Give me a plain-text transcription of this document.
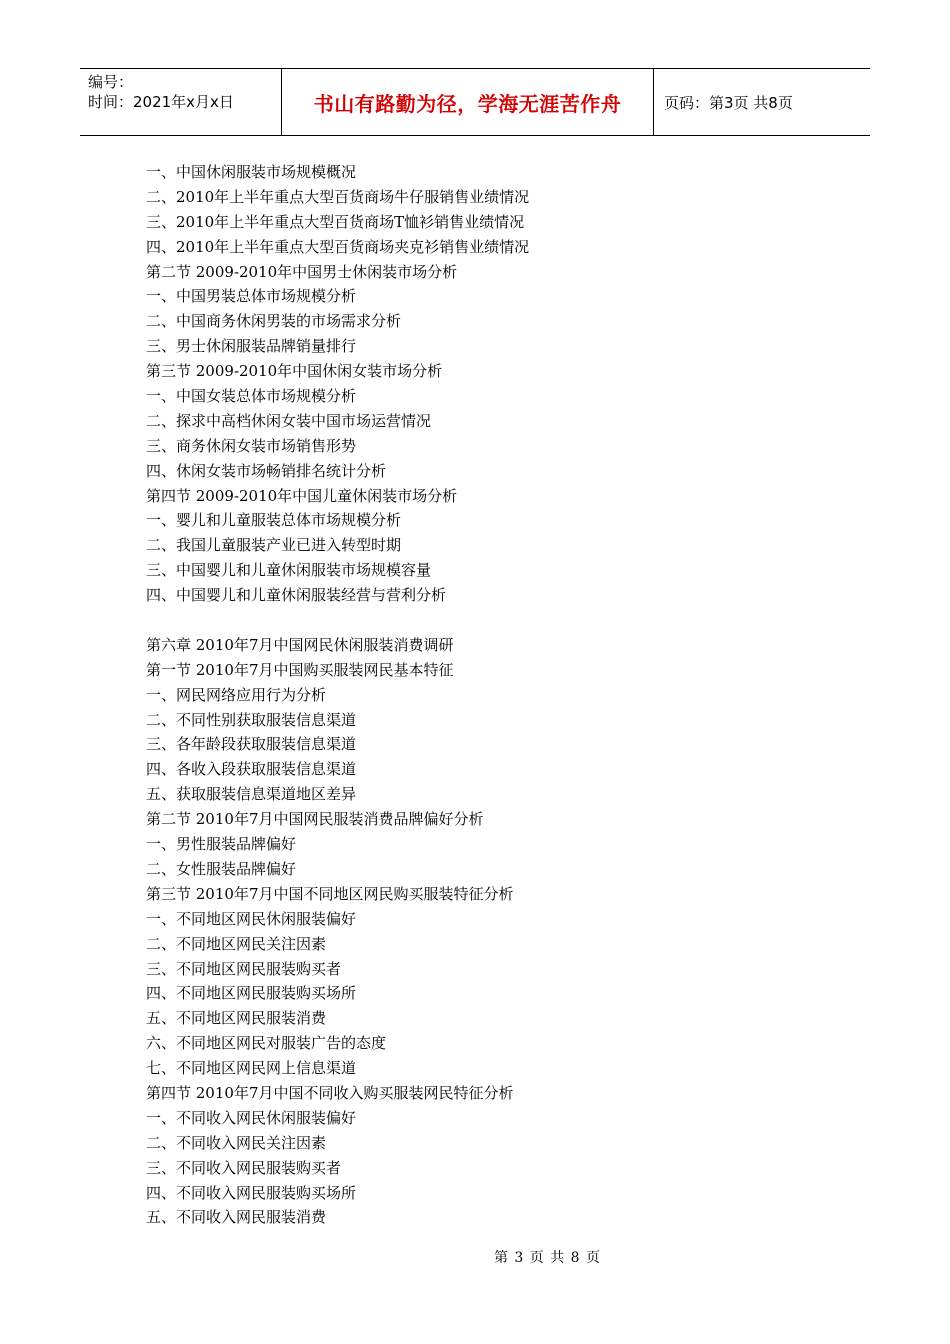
编号：
时间：2021年x月x日	书山有路勤为径，学海无涯苦作舟	页码：第3页 共8页
一、中国休闲服装市场规模概况
二、2010年上半年重点大型百货商场牛仔服销售业绩情况
三、2010年上半年重点大型百货商场T恤衫销售业绩情况
四、2010年上半年重点大型百货商场夹克衫销售业绩情况
第二节 2009-2010年中国男士休闲装市场分析
一、中国男装总体市场规模分析
二、中国商务休闲男装的市场需求分析
三、男士休闲服装品牌销量排行
第三节 2009-2010年中国休闲女装市场分析
一、中国女装总体市场规模分析
二、探求中高档休闲女装中国市场运营情况
三、商务休闲女装市场销售形势
四、休闲女装市场畅销排名统计分析
第四节 2009-2010年中国儿童休闲装市场分析
一、婴儿和儿童服装总体市场规模分析
二、我国儿童服装产业已进入转型时期
三、中国婴儿和儿童休闲服装市场规模容量
四、中国婴儿和儿童休闲服装经营与营利分析
第六章 2010年7月中国网民休闲服装消费调研
第一节 2010年7月中国购买服装网民基本特征
一、网民网络应用行为分析
二、不同性别获取服装信息渠道
三、各年龄段获取服装信息渠道
四、各收入段获取服装信息渠道
五、获取服装信息渠道地区差异
第二节 2010年7月中国网民服装消费品牌偏好分析
一、男性服装品牌偏好
二、女性服装品牌偏好
第三节 2010年7月中国不同地区网民购买服装特征分析
一、不同地区网民休闲服装偏好
二、不同地区网民关注因素
三、不同地区网民服装购买者
四、不同地区网民服装购买场所
五、不同地区网民服装消费
六、不同地区网民对服装广告的态度
七、不同地区网民网上信息渠道
第四节 2010年7月中国不同收入购买服装网民特征分析
一、不同收入网民休闲服装偏好
二、不同收入网民关注因素
三、不同收入网民服装购买者
四、不同收入网民服装购买场所
五、不同收入网民服装消费
第 3 页 共 8 页
